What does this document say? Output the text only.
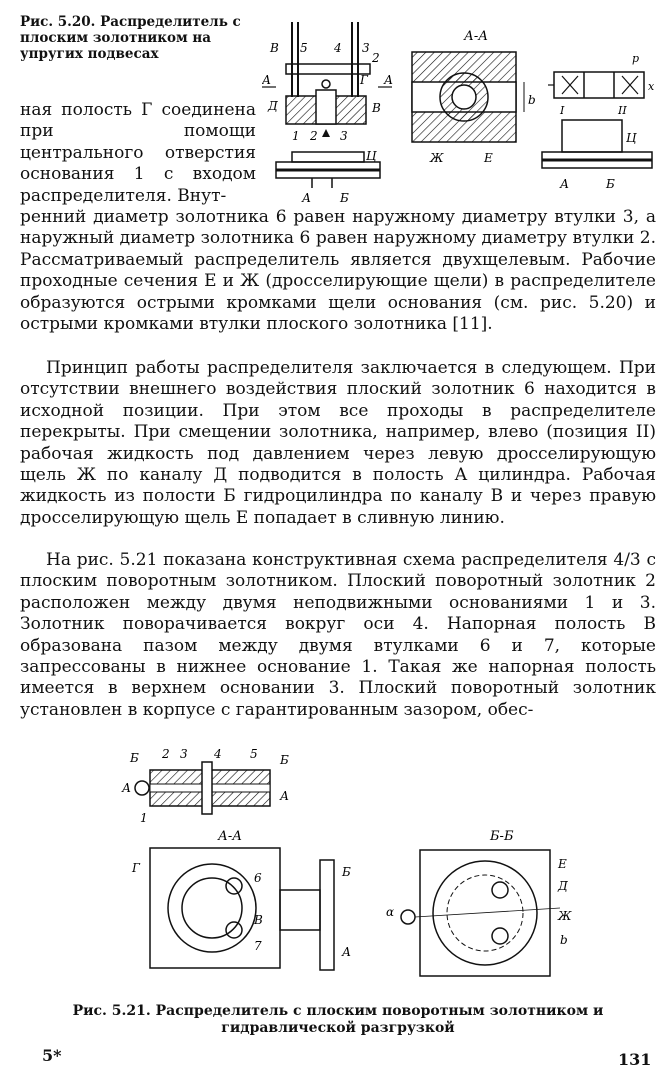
Рис. 5.20. Распределитель с плоским золотником на упругих подвесах	В 5 4 3
2
Г
А	А
Д	В
1 2 3
Ц
А Б
А-А
b
Ж	Е
p
х
I	II
Ц
А	Б

ная полость Г соединена при помощи центрального отверстия основания 1 с входом распределителя. Внут-

ренний диаметр золотника 6 равен наружному диаметру втулки 3, а наружный диаметр золотника 6 равен наружному диаметру втулки 2. Рассматриваемый распределитель является двухщелевым. Рабочие проходные сечения Е и Ж (дросселирующие щели) в распределителе образуются острыми кромками щели основания (см. рис. 5.20) и острыми кромками втулки плоского золотника [11].

Принцип работы распределителя заключается в следующем. При отсутствии внешнего воздействия плоский золотник 6 находится в исходной позиции. При этом все проходы в распределителе перекрыты. При смещении золотника, например, влево (позиция II) рабочая жидкость под давлением через левую дросселирующую щель Ж по каналу Д подводится в полость А цилиндра. Рабочая жидкость из полости Б гидроцилиндра по каналу В и через правую дросселирующую щель Е попадает в сливную линию.

На рис. 5.21 показана конструктивная схема распределителя 4/3 с плоским поворотным золотником. Плоский поворотный золотник 2 расположен между двумя неподвижными основаниями 1 и 3. Золотник поворачивается вокруг оси 4. Напорная полость В образована пазом между двумя втулками 6 и 7, которые запрессованы в нижнее основание 1. Такая же напорная полость имеется в верхнем основании 3. Плоский поворотный золотник установлен в корпусе с гарантированным зазором, обес-

Б
А
1
2 3 4 5 Б
А
А-А
Г
6	Б
В
7	А
Б-Б
Е
Д
Ж
α
b
Рис. 5.21. Распределитель с плоским поворотным золотником и гидравлической разгрузкой
5*	131
